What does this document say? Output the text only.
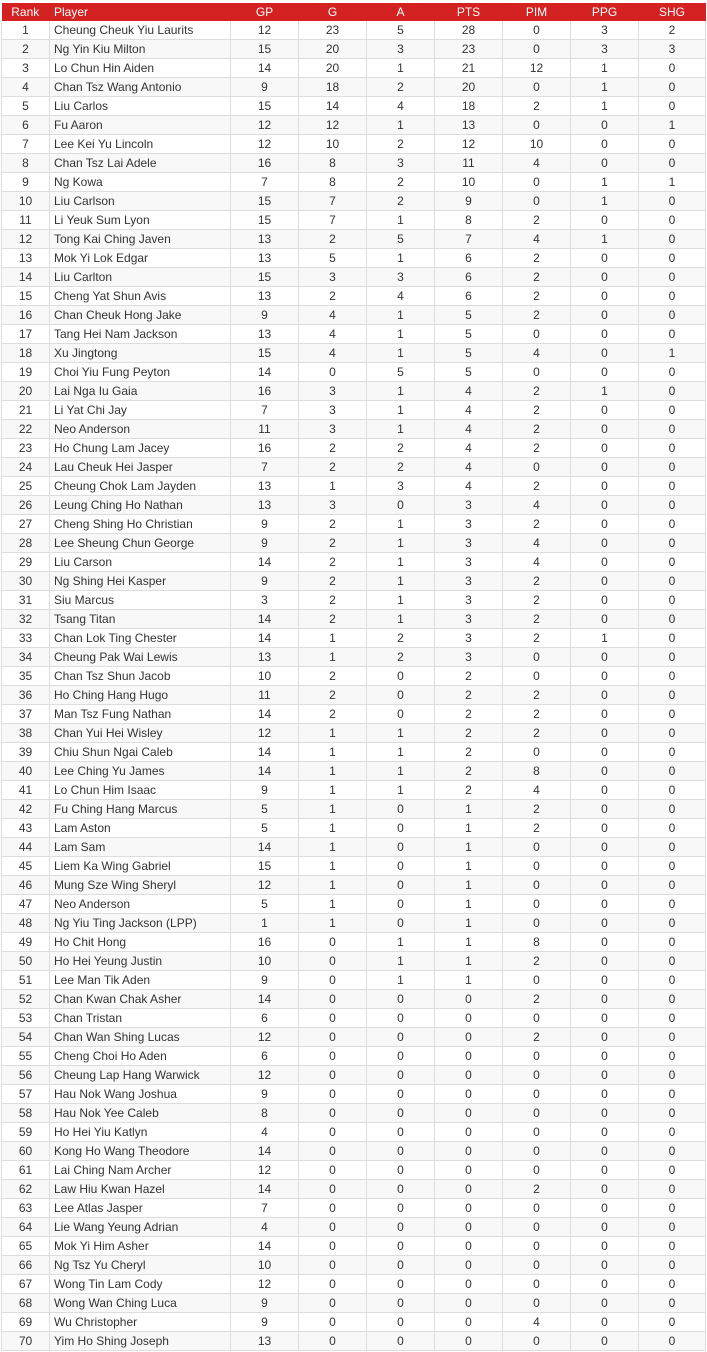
Rank	Player	GP	G	A	PTS	PIM	PPG	SHG
1	Cheung Cheuk Yiu Laurits	12	23	5	28	0	3	2
2	Ng Yin Kiu Milton	15	20	3	23	0	3	3
3	Lo Chun Hin Aiden	14	20	1	21	12	1	0
4	Chan Tsz Wang Antonio	9	18	2	20	0	1	0
5	Liu Carlos	15	14	4	18	2	1	0
6	Fu Aaron	12	12	1	13	0	0	1
7	Lee Kei Yu Lincoln	12	10	2	12	10	0	0
8	Chan Tsz Lai Adele	16	8	3	11	4	0	0
9	Ng Kowa	7	8	2	10	0	1	1
10	Liu Carlson	15	7	2	9	0	1	0
11	Li Yeuk Sum Lyon	15	7	1	8	2	0	0
12	Tong Kai Ching Javen	13	2	5	7	4	1	0
13	Mok Yi Lok Edgar	13	5	1	6	2	0	0
14	Liu Carlton	15	3	3	6	2	0	0
15	Cheng Yat Shun Avis	13	2	4	6	2	0	0
16	Chan Cheuk Hong Jake	9	4	1	5	2	0	0
17	Tang Hei Nam Jackson	13	4	1	5	0	0	0
18	Xu Jingtong	15	4	1	5	4	0	1
19	Choi Yiu Fung Peyton	14	0	5	5	0	0	0
20	Lai Nga Iu Gaia	16	3	1	4	2	1	0
21	Li Yat Chi Jay	7	3	1	4	2	0	0
22	Neo Anderson	11	3	1	4	2	0	0
23	Ho Chung Lam Jacey	16	2	2	4	2	0	0
24	Lau Cheuk Hei Jasper	7	2	2	4	0	0	0
25	Cheung Chok Lam Jayden	13	1	3	4	2	0	0
26	Leung Ching Ho Nathan	13	3	0	3	4	0	0
27	Cheng Shing Ho Christian	9	2	1	3	2	0	0
28	Lee Sheung Chun George	9	2	1	3	4	0	0
29	Liu Carson	14	2	1	3	4	0	0
30	Ng Shing Hei Kasper	9	2	1	3	2	0	0
31	Siu Marcus	3	2	1	3	2	0	0
32	Tsang Titan	14	2	1	3	2	0	0
33	Chan Lok Ting Chester	14	1	2	3	2	1	0
34	Cheung Pak Wai Lewis	13	1	2	3	0	0	0
35	Chan Tsz Shun Jacob	10	2	0	2	0	0	0
36	Ho Ching Hang Hugo	11	2	0	2	2	0	0
37	Man Tsz Fung Nathan	14	2	0	2	2	0	0
38	Chan Yui Hei Wisley	12	1	1	2	2	0	0
39	Chiu Shun Ngai Caleb	14	1	1	2	0	0	0
40	Lee Ching Yu James	14	1	1	2	8	0	0
41	Lo Chun Him Isaac	9	1	1	2	4	0	0
42	Fu Ching Hang Marcus	5	1	0	1	2	0	0
43	Lam Aston	5	1	0	1	2	0	0
44	Lam Sam	14	1	0	1	0	0	0
45	Liem Ka Wing Gabriel	15	1	0	1	0	0	0
46	Mung Sze Wing Sheryl	12	1	0	1	0	0	0
47	Neo Anderson	5	1	0	1	0	0	0
48	Ng Yiu Ting Jackson (LPP)	1	1	0	1	0	0	0
49	Ho Chit Hong	16	0	1	1	8	0	0
50	Ho Hei Yeung Justin	10	0	1	1	2	0	0
51	Lee Man Tik Aden	9	0	1	1	0	0	0
52	Chan Kwan Chak Asher	14	0	0	0	2	0	0
53	Chan Tristan	6	0	0	0	0	0	0
54	Chan Wan Shing Lucas	12	0	0	0	2	0	0
55	Cheng Choi Ho Aden	6	0	0	0	0	0	0
56	Cheung Lap Hang Warwick	12	0	0	0	0	0	0
57	Hau Nok Wang Joshua	9	0	0	0	0	0	0
58	Hau Nok Yee Caleb	8	0	0	0	0	0	0
59	Ho Hei Yiu Katlyn	4	0	0	0	0	0	0
60	Kong Ho Wang Theodore	14	0	0	0	0	0	0
61	Lai Ching Nam Archer	12	0	0	0	0	0	0
62	Law Hiu Kwan Hazel	14	0	0	0	2	0	0
63	Lee Atlas Jasper	7	0	0	0	0	0	0
64	Lie Wang Yeung Adrian	4	0	0	0	0	0	0
65	Mok Yi Him Asher	14	0	0	0	0	0	0
66	Ng Tsz Yu Cheryl	10	0	0	0	0	0	0
67	Wong Tin Lam Cody	12	0	0	0	0	0	0
68	Wong Wan Ching Luca	9	0	0	0	0	0	0
69	Wu Christopher	9	0	0	0	4	0	0
70	Yim Ho Shing Joseph	13	0	0	0	0	0	0
